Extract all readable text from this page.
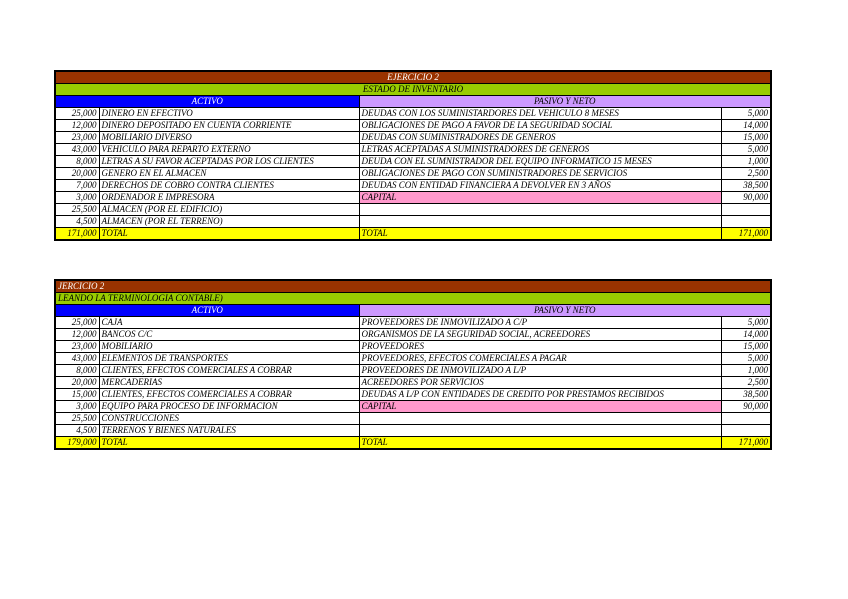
EJERCICIO 2			
ESTADO DE INVENTARIO			
ACTIVO		PASIVO Y NETO	
25,000	DINERO EN EFECTIVO	DEUDAS CON LOS SUMINISTARDORES DEL VEHICULO 8 MESES	5,000
12,000	DINERO DEPOSITADO EN CUENTA CORRIENTE	OBLIGACIONES DE PAGO A FAVOR DE LA SEGURIDAD SOCIAL	14,000
23,000	MOBILIARIO DIVERSO	DEUDAS CON SUMINISTRADORES DE GENEROS	15,000
43,000	VEHICULO PARA REPARTO EXTERNO	LETRAS ACEPTADAS A SUMINISTRADORES DE GENEROS	5,000
8,000	LETRAS A SU FAVOR ACEPTADAS POR LOS CLIENTES	DEUDA CON EL SUMNISTRADOR DEL EQUIPO INFORMATICO 15 MESES	1,000
20,000	GENERO EN EL ALMACEN	OBLIGACIONES DE PAGO CON SUMINISTRADORES DE SERVICIOS	2,500
7,000	DERECHOS DE COBRO CONTRA CLIENTES	DEUDAS CON ENTIDAD FINANCIERA A DEVOLVER EN 3 AÑOS	38,500
3,000	ORDENADOR E IMPRESORA	CAPITAL	90,000
25,500	ALMACEN (POR EL EDIFICIO)		
4,500	ALMACEN (POR EL TERRENO)		
171,000	TOTAL	TOTAL	171,000
JERCICIO 2			
LEANDO LA TERMINOLOGIA CONTABLE)			
ACTIVO		PASIVO Y NETO	
25,000	CAJA	PROVEEDORES DE INMOVILIZADO A C/P	5,000
12,000	BANCOS C/C	ORGANISMOS DE LA SEGURIDAD SOCIAL, ACREEDORES	14,000
23,000	MOBILIARIO	PROVEEDORES	15,000
43,000	ELEMENTOS DE TRANSPORTES	PROVEEDORES, EFECTOS COMERCIALES A PAGAR	5,000
8,000	CLIENTES, EFECTOS COMERCIALES A COBRAR	PROVEEDORES DE INMOVILIZADO A L/P	1,000
20,000	MERCADERIAS	ACREEDORES POR SERVICIOS	2,500
15,000	CLIENTES, EFECTOS COMERCIALES A COBRAR	DEUDAS A L/P CON ENTIDADES DE CREDITO POR PRESTAMOS RECIBIDOS	38,500
3,000	EQUIPO PARA PROCESO DE INFORMACION	CAPITAL	90,000
25,500	CONSTRUCCIONES		
4,500	TERRENOS Y BIENES NATURALES		
179,000	TOTAL	TOTAL	171,000
